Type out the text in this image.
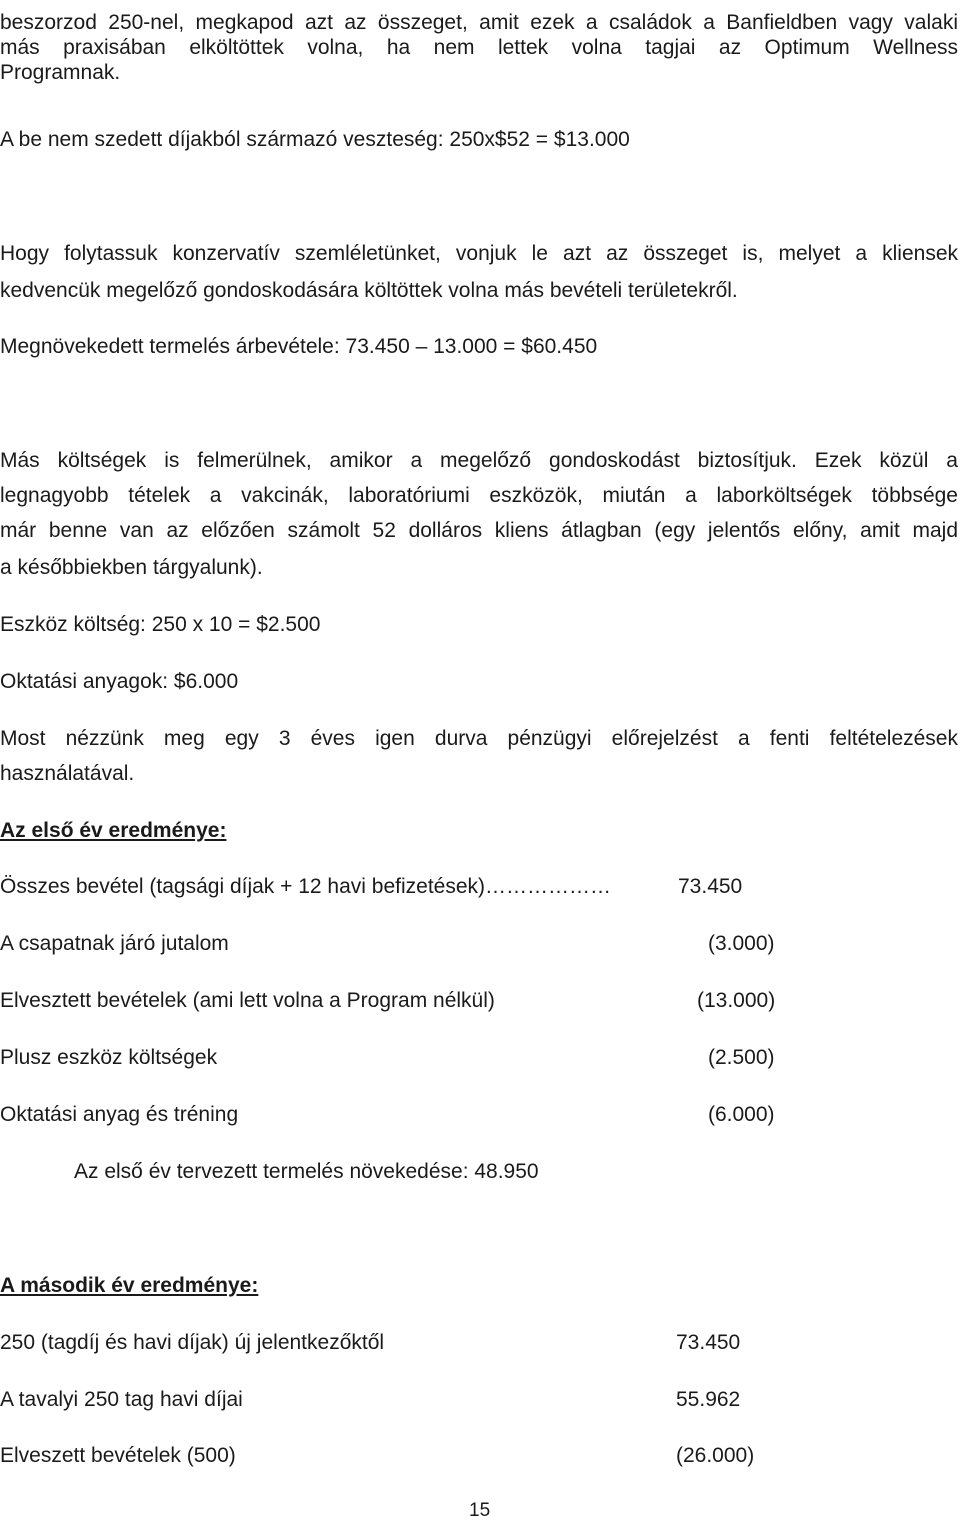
beszorzod 250-nel, megkapod azt az összeget, amit ezek a családok a Banfieldben vagy valaki
más praxisában elköltöttek volna, ha nem lettek volna tagjai az Optimum Wellness
Programnak.
A be nem szedett díjakból származó veszteség: 250x$52 = $13.000
Hogy folytassuk konzervatív szemléletünket, vonjuk le azt az összeget is, melyet a kliensek
kedvencük megelőző gondoskodására költöttek volna más bevételi területekről.
Megnövekedett termelés árbevétele: 73.450 – 13.000 = $60.450
Más költségek is felmerülnek, amikor a megelőző gondoskodást biztosítjuk. Ezek közül a
legnagyobb tételek a vakcinák, laboratóriumi eszközök, miután a laborköltségek többsége
már benne van az előzően számolt 52 dolláros kliens átlagban (egy jelentős előny, amit majd
a későbbiekben tárgyalunk).
Eszköz költség: 250 x 10 = $2.500
Oktatási anyagok: $6.000
Most nézzünk meg egy 3 éves igen durva pénzügyi előrejelzést a fenti feltételezések
használatával.
Az első év eredménye:
Összes bevétel (tagsági díjak + 12 havi befizetések)………………	73.450
A csapatnak járó jutalom	(3.000)
Elvesztett bevételek (ami lett volna a Program nélkül)	(13.000)
Plusz eszköz költségek	(2.500)
Oktatási anyag és tréning	(6.000)
Az első év tervezett termelés növekedése: 48.950
A második év eredménye:
250 (tagdíj és havi díjak) új jelentkezőktől	73.450
A tavalyi 250 tag havi díjai	55.962
Elveszett bevételek (500)	(26.000)
15
